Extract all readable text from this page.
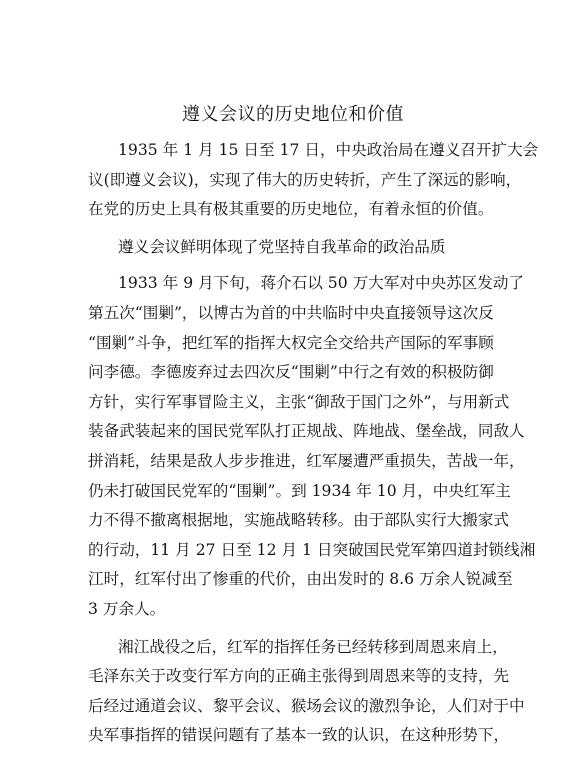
遵义会议的历史地位和价值
1935 年 1 月 15 日至 17 日，中央政治局在遵义召开扩大会
议(即遵义会议)，实现了伟大的历史转折，产生了深远的影响，
在党的历史上具有极其重要的历史地位，有着永恒的价值。
遵义会议鲜明体现了党坚持自我革命的政治品质
1933 年 9 月下旬，蒋介石以 50 万大军对中央苏区发动了
第五次“围剿”，以博古为首的中共临时中央直接领导这次反
“围剿”斗争，把红军的指挥大权完全交给共产国际的军事顾
问李德。李德废弃过去四次反“围剿”中行之有效的积极防御
方针，实行军事冒险主义，主张“御敌于国门之外”，与用新式
装备武装起来的国民党军队打正规战、阵地战、堡垒战，同敌人
拼消耗，结果是敌人步步推进，红军屡遭严重损失，苦战一年，
仍未打破国民党军的“围剿”。到 1934 年 10 月，中央红军主
力不得不撤离根据地，实施战略转移。由于部队实行大搬家式
的行动，11 月 27 日至 12 月 1 日突破国民党军第四道封锁线湘
江时，红军付出了惨重的代价，由出发时的 8.6 万余人锐减至
3 万余人。
湘江战役之后，红军的指挥任务已经转移到周恩来肩上，
毛泽东关于改变行军方向的正确主张得到周恩来等的支持，先
后经过通道会议、黎平会议、猴场会议的激烈争论，人们对于中
央军事指挥的错误问题有了基本一致的认识，在这种形势下，
